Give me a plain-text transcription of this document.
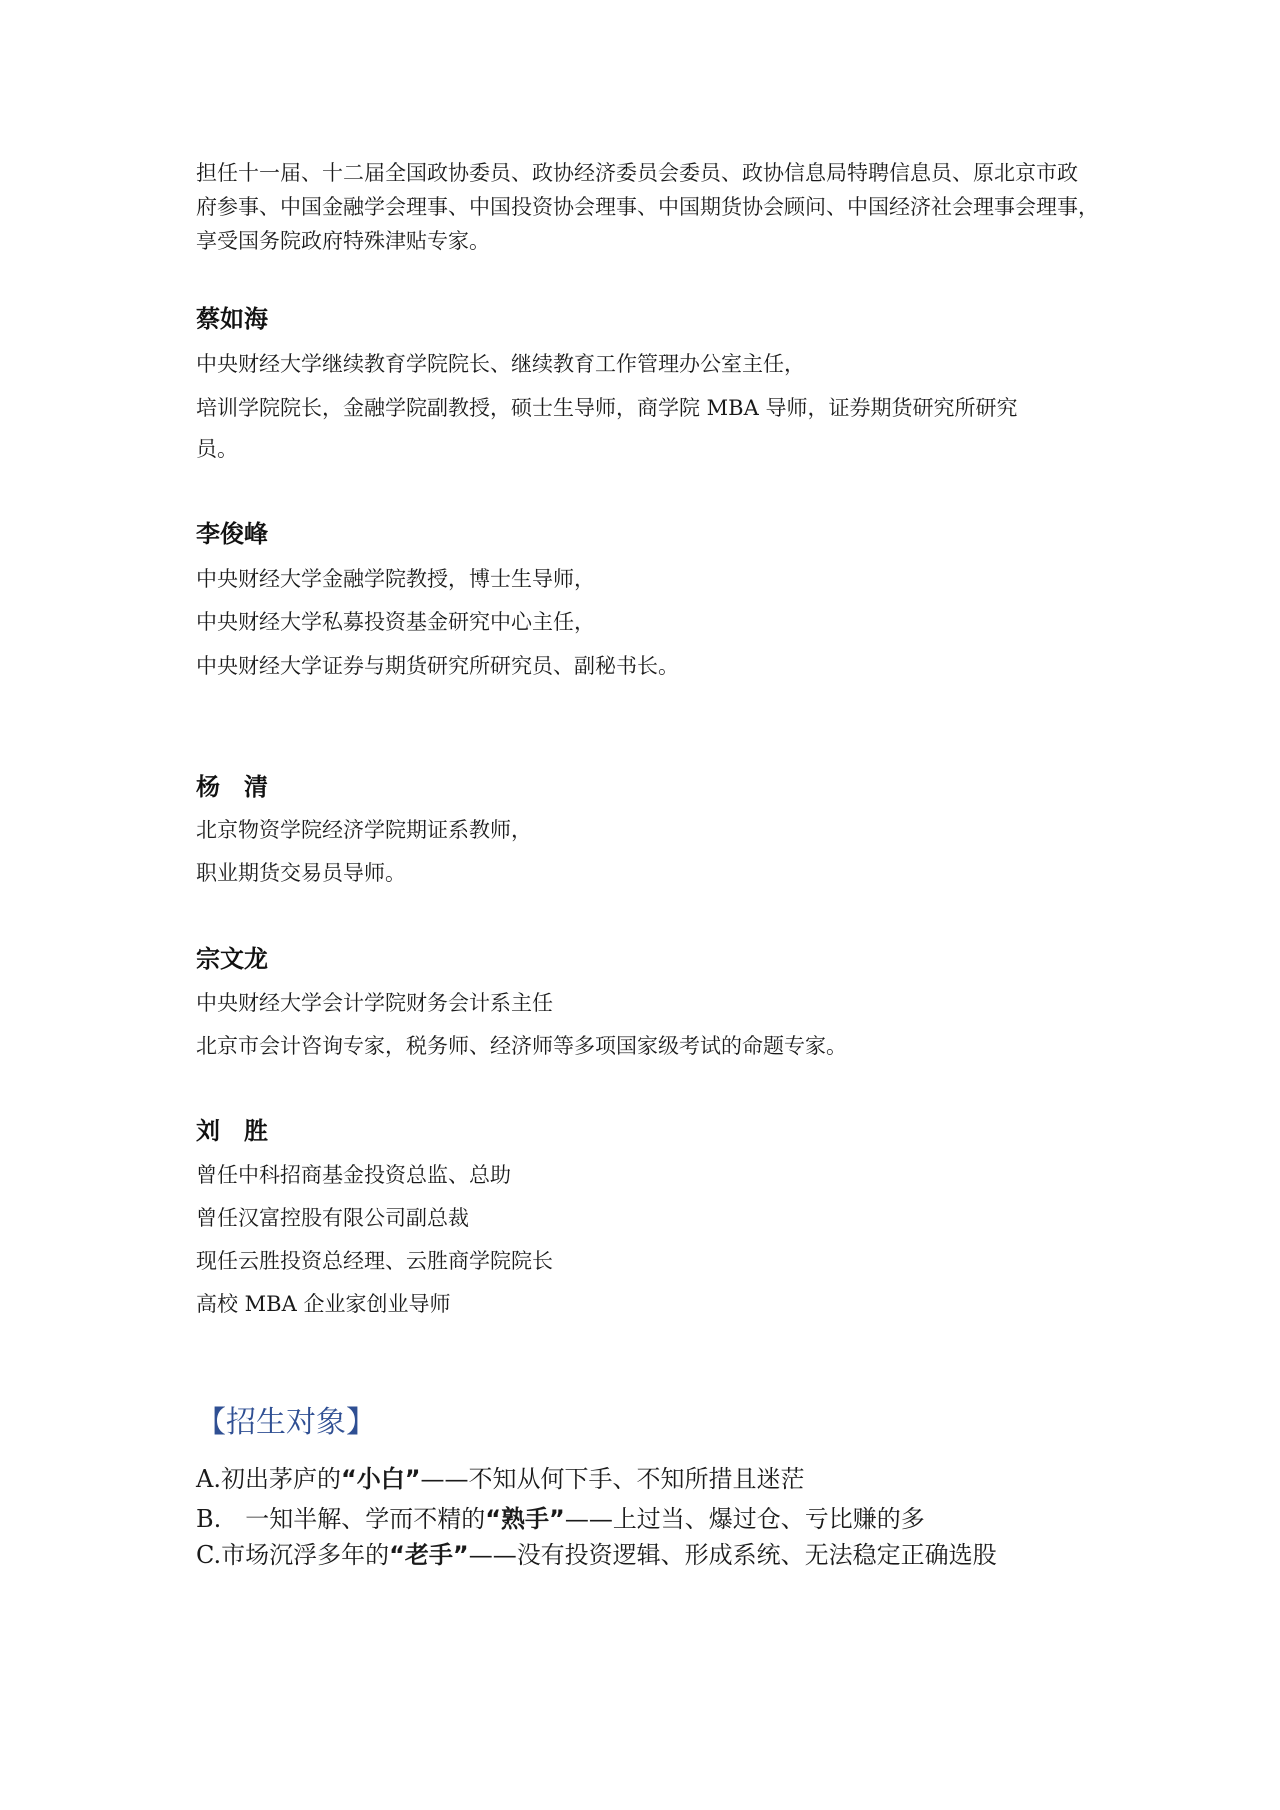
担任十一届、十二届全国政协委员、政协经济委员会委员、政协信息局特聘信息员、原北京市政
府参事、中国金融学会理事、中国投资协会理事、中国期货协会顾问、中国经济社会理事会理事，
享受国务院政府特殊津贴专家。
蔡如海
中央财经大学继续教育学院院长、继续教育工作管理办公室主任，
培训学院院长，金融学院副教授，硕士生导师，商学院 MBA 导师，证券期货研究所研究
员。
李俊峰
中央财经大学金融学院教授，博士生导师，
中央财经大学私募投资基金研究中心主任，
中央财经大学证券与期货研究所研究员、副秘书长。
杨　清
北京物资学院经济学院期证系教师，
职业期货交易员导师。
宗文龙
中央财经大学会计学院财务会计系主任
北京市会计咨询专家，税务师、经济师等多项国家级考试的命题专家。
刘　胜
曾任中科招商基金投资总监、总助
曾任汉富控股有限公司副总裁
现任云胜投资总经理、云胜商学院院长
高校 MBA 企业家创业导师
【招生对象】
A.初出茅庐的“小白”——不知从何下手、不知所措且迷茫
B.　一知半解、学而不精的“熟手”——上过当、爆过仓、亏比赚的多
C.市场沉浮多年的“老手”——没有投资逻辑、形成系统、无法稳定正确选股
